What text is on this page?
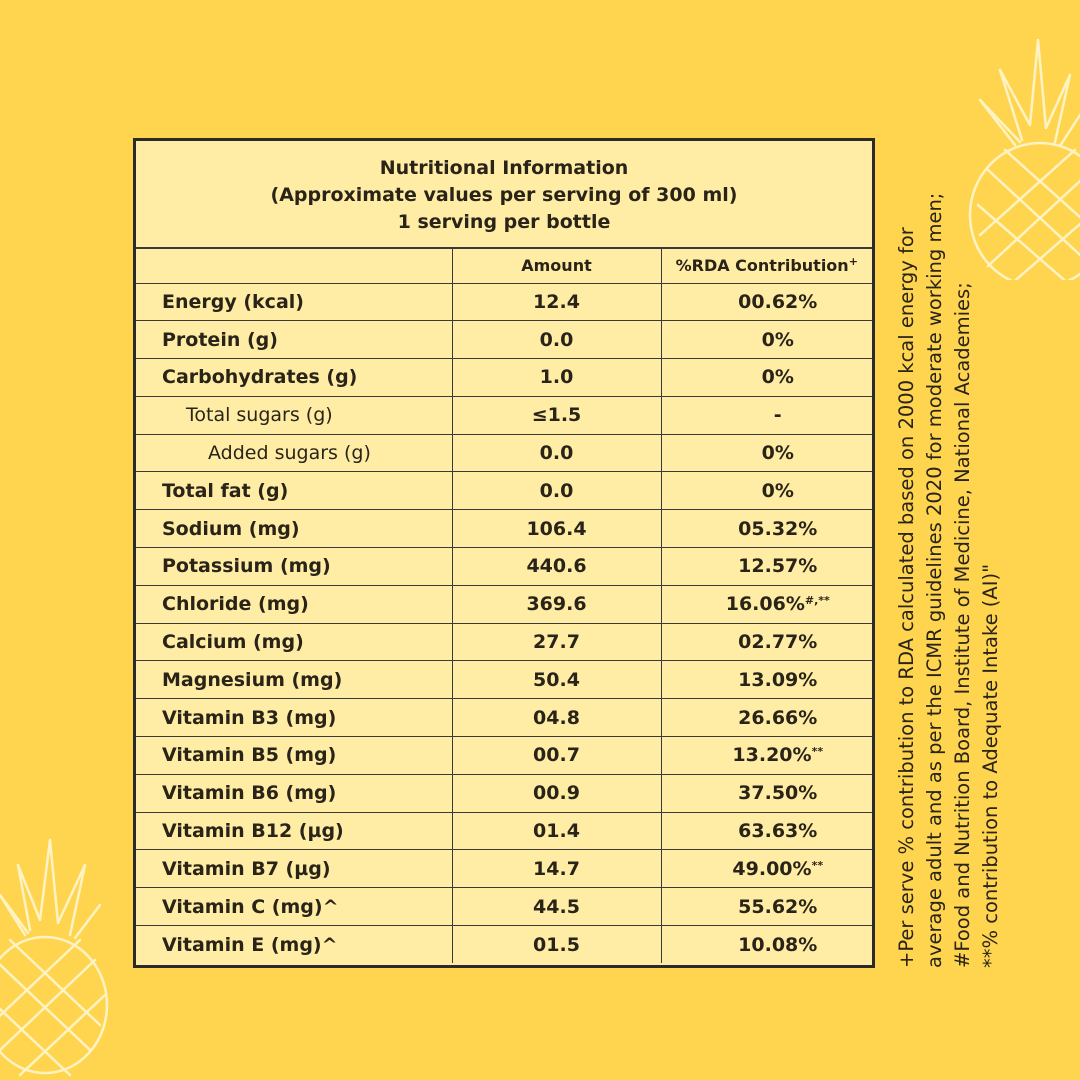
Nutritional Information
(Approximate values per serving of 300 ml)
1 serving per bottle
	Amount	%RDA Contribution+
Energy (kcal)	12.4	00.62%
Protein (g)	0.0	0%
Carbohydrates (g)	1.0	0%
Total sugars (g)	≤1.5	-
Added sugars (g)	0.0	0%
Total fat (g)	0.0	0%
Sodium (mg)	106.4	05.32%
Potassium (mg)	440.6	12.57%
Chloride (mg)	369.6	16.06%#,**
Calcium (mg)	27.7	02.77%
Magnesium (mg)	50.4	13.09%
Vitamin B3 (mg)	04.8	26.66%
Vitamin B5 (mg)	00.7	13.20%**
Vitamin B6 (mg)	00.9	37.50%
Vitamin B12 (µg)	01.4	63.63%
Vitamin B7 (µg)	14.7	49.00%**
Vitamin C (mg)^	44.5	55.62%
Vitamin E (mg)^	01.5	10.08%	+Per serve % contribution to RDA calculated based on 2000 kcal energy for average adult and as per the ICMR guidelines 2020 for moderate working men; #Food and Nutrition Board, Institute of Medicine, National Academies; **% contribution to Adequate Intake (AI)"
